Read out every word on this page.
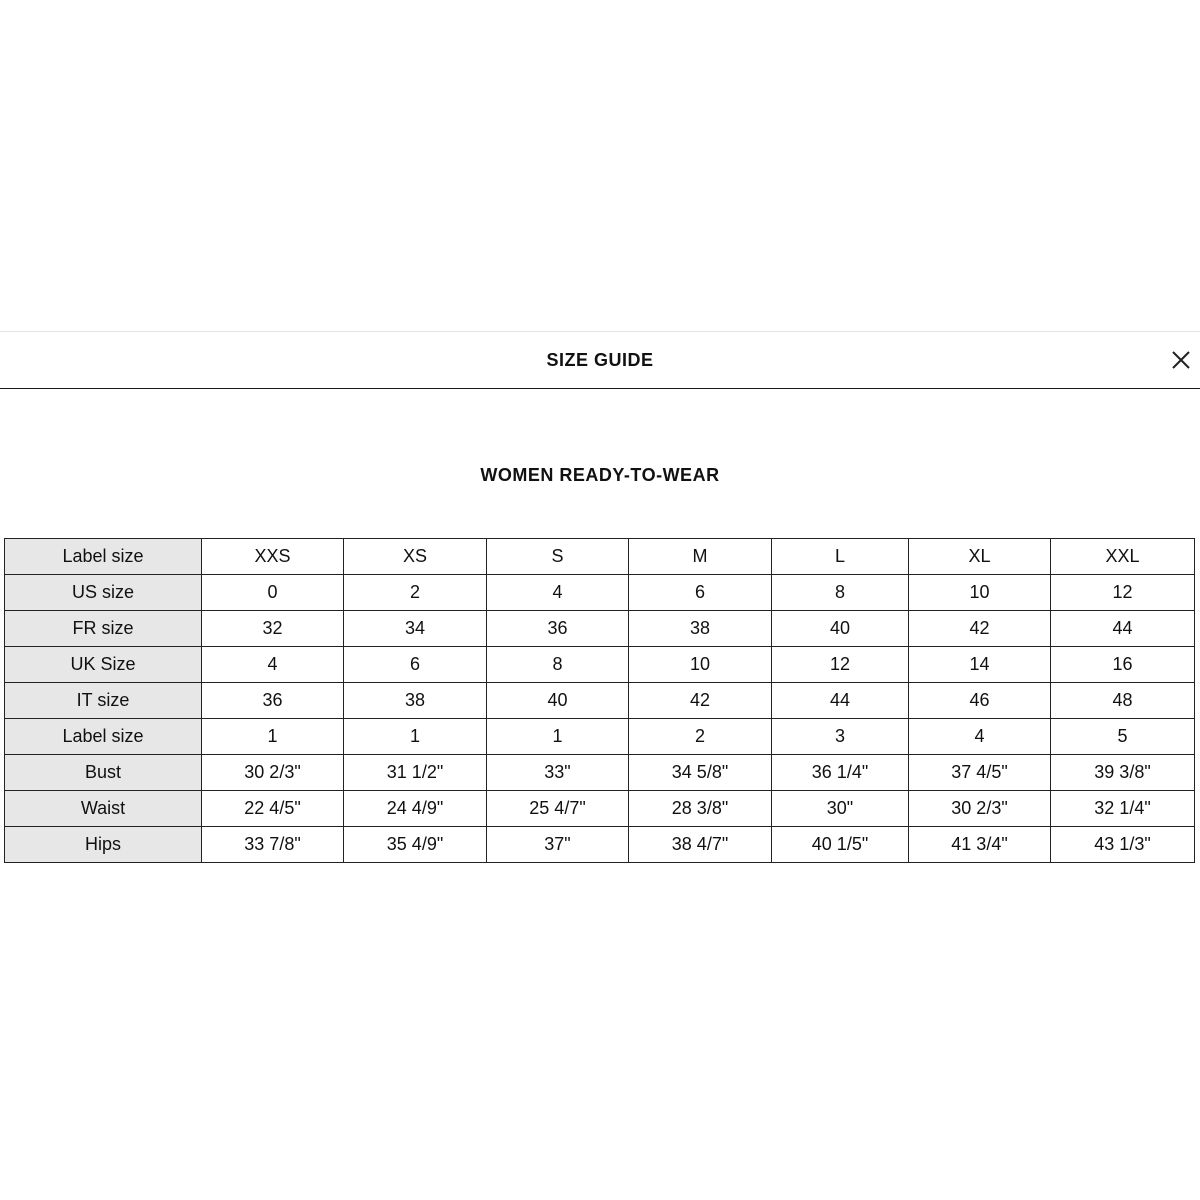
SIZE GUIDE
WOMEN READY-TO-WEAR
Label size	XXS	XS	S	M	L	XL	XXL
US size	0	2	4	6	8	10	12
FR size	32	34	36	38	40	42	44
UK Size	4	6	8	10	12	14	16
IT size	36	38	40	42	44	46	48
Label size	1	1	1	2	3	4	5
Bust	30 2/3"	31 1/2"	33"	34 5/8"	36 1/4"	37 4/5"	39 3/8"
Waist	22 4/5"	24 4/9"	25 4/7"	28 3/8"	30"	30 2/3"	32 1/4"
Hips	33 7/8"	35 4/9"	37"	38 4/7"	40 1/5"	41 3/4"	43 1/3"
